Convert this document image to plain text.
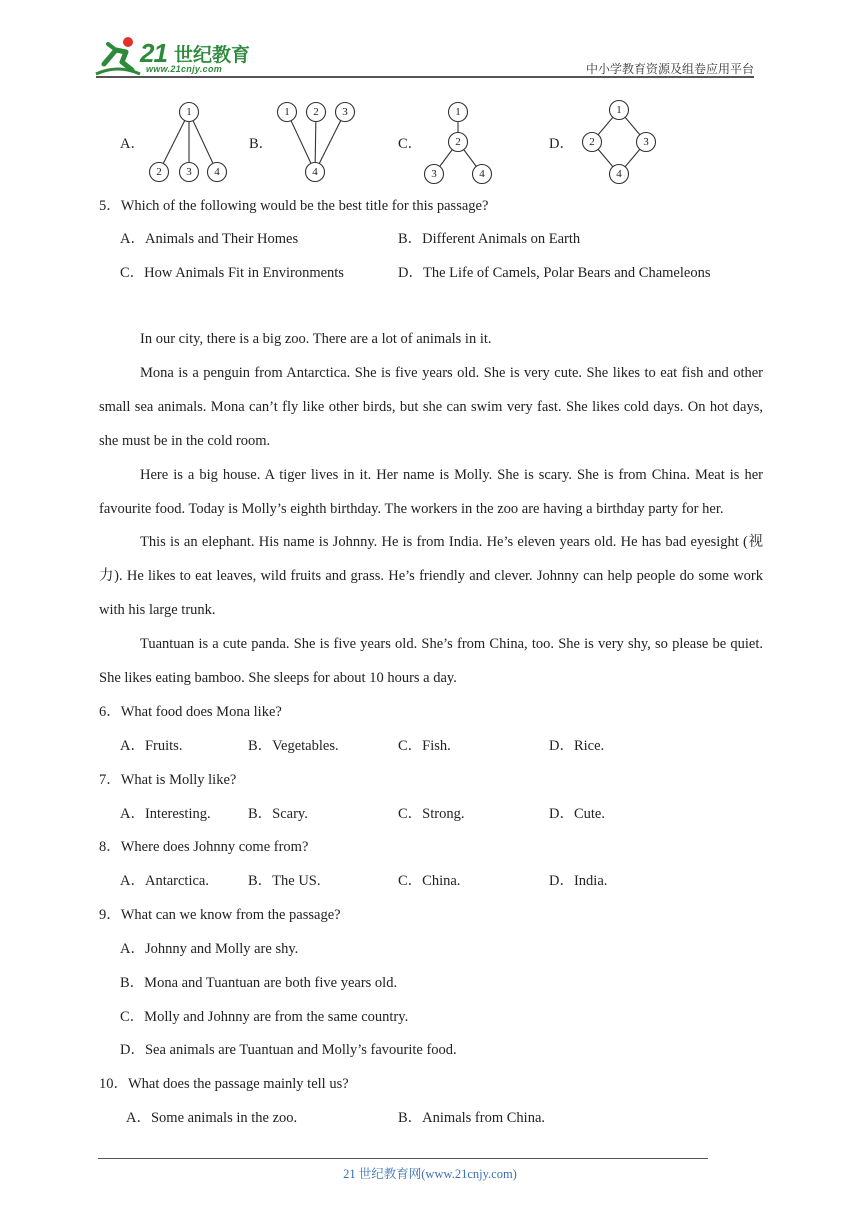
21 世纪教育
www.21cnjy.com	中小学教育资源及组卷应用平台
A．
1
2 3 4
B．
1 2 3
4
C．
1
2
3	4
D．
1
2	3
4
5．Which of the following would be the best title for this passage?
A．Animals and Their Homes	B．Different Animals on Earth
C．How Animals Fit in Environments	D．The Life of Camels, Polar Bears and Chameleons
In our city, there is a big zoo. There are a lot of animals in it.
Mona is a penguin from Antarctica. She is five years old. She is very cute. She likes to eat fish and other small sea animals. Mona can’t fly like other birds, but she can swim very fast. She likes cold days. On hot days, she must be in the cold room.
Here is a big house. A tiger lives in it. Her name is Molly. She is scary. She is from China. Meat is her favourite food. Today is Molly’s eighth birthday. The workers in the zoo are having a birthday party for her.
This is an elephant. His name is Johnny. He is from India. He’s eleven years old. He has bad eyesight (视力). He likes to eat leaves, wild fruits and grass. He’s friendly and clever. Johnny can help people do some work with his large trunk.
Tuantuan is a cute panda. She is five years old. She’s from China, too. She is very shy, so please be quiet. She likes eating bamboo. She sleeps for about 10 hours a day.
6．What food does Mona like?
A．Fruits.	B．Vegetables.	C．Fish.	D．Rice.
7．What is Molly like?
A．Interesting.	B．Scary.	C．Strong.	D．Cute.
8．Where does Johnny come from?
A．Antarctica.	B．The US.	C．China.	D．India.
9．What can we know from the passage?
A．Johnny and Molly are shy.
B．Mona and Tuantuan are both five years old.
C．Molly and Johnny are from the same country.
D．Sea animals are Tuantuan and Molly’s favourite food.
10．What does the passage mainly tell us?
A．Some animals in the zoo.	B．Animals from China.
21 世纪教育网(www.21cnjy.com)
